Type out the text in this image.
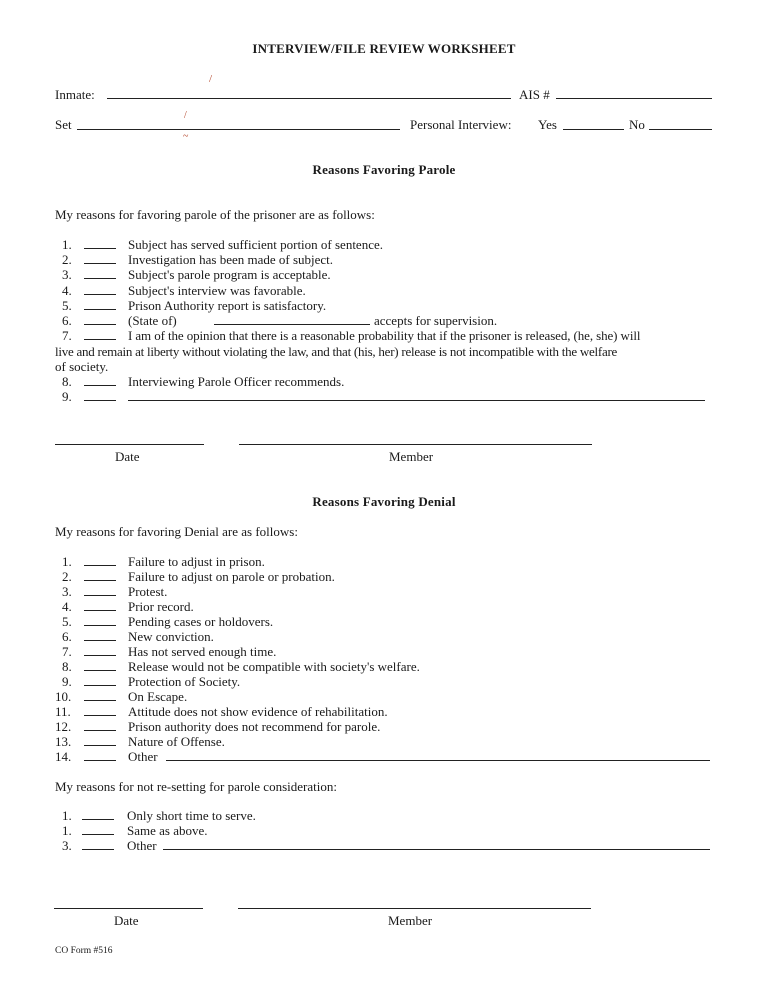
INTERVIEW/FILE REVIEW WORKSHEET
Inmate:
/
AIS #
Set
/
~
Personal Interview: Yes	No
Reasons Favoring Parole
My reasons for favoring parole of the prisoner are as follows:
1.	Subject has served sufficient portion of sentence.
2.	Investigation has been made of subject.
3.	Subject's parole program is acceptable.
4.	Subject's interview was favorable.
5.	Prison Authority report is satisfactory.
6.	(State of)	accepts for supervision.
7.	I am of the opinion that there is a reasonable probability that if the prisoner is released, (he, she) will
live and remain at liberty without violating the law, and that (his, her) release is not incompatible with the welfare
of society.
8.	Interviewing Parole Officer recommends.
9.
Date	Member
Reasons Favoring Denial
My reasons for favoring Denial are as follows:
1.	Failure to adjust in prison.
2.	Failure to adjust on parole or probation.
3.	Protest.
4.	Prior record.
5.	Pending cases or holdovers.
6.	New conviction.
7.	Has not served enough time.
8.	Release would not be compatible with society's welfare.
9.	Protection of Society.
10.	On Escape.
11.	Attitude does not show evidence of rehabilitation.
12.	Prison authority does not recommend for parole.
13.	Nature of Offense.
14.	Other
My reasons for not re-setting for parole consideration:
1.	Only short time to serve.
1.	Same as above.
3.	Other
Date	Member
CO Form #516
